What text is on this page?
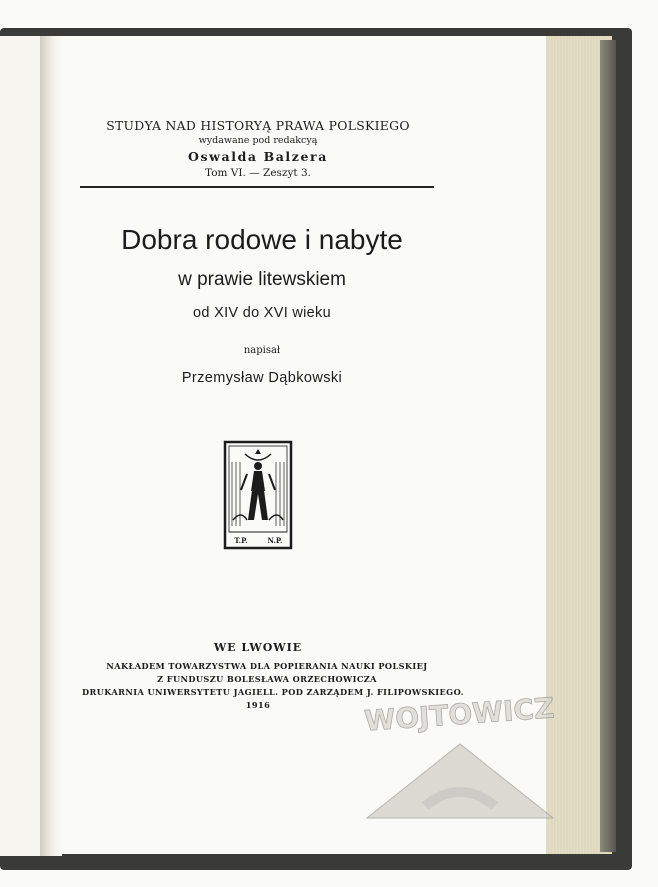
STUDYA NAD HISTORYĄ PRAWA POLSKIEGO
wydawane pod redakcyą
Oswalda Balzera
Tom VI. — Zeszyt 3.
Dobra rodowe i nabyte
w prawie litewskiem
od XIV do XVI wieku
napisał
Przemysław Dąbkowski
T.P.	N.P.
WE LWOWIE
NAKŁADEM TOWARZYSTWA DLA POPIERANIA NAUKI POLSKIEJ
Z FUNDUSZU BOLESŁAWA ORZECHOWICZA
DRUKARNIA UNIWERSYTETU JAGIELL. POD ZARZĄDEM J. FILIPOWSKIEGO.
1916	WOJTOWICZ
